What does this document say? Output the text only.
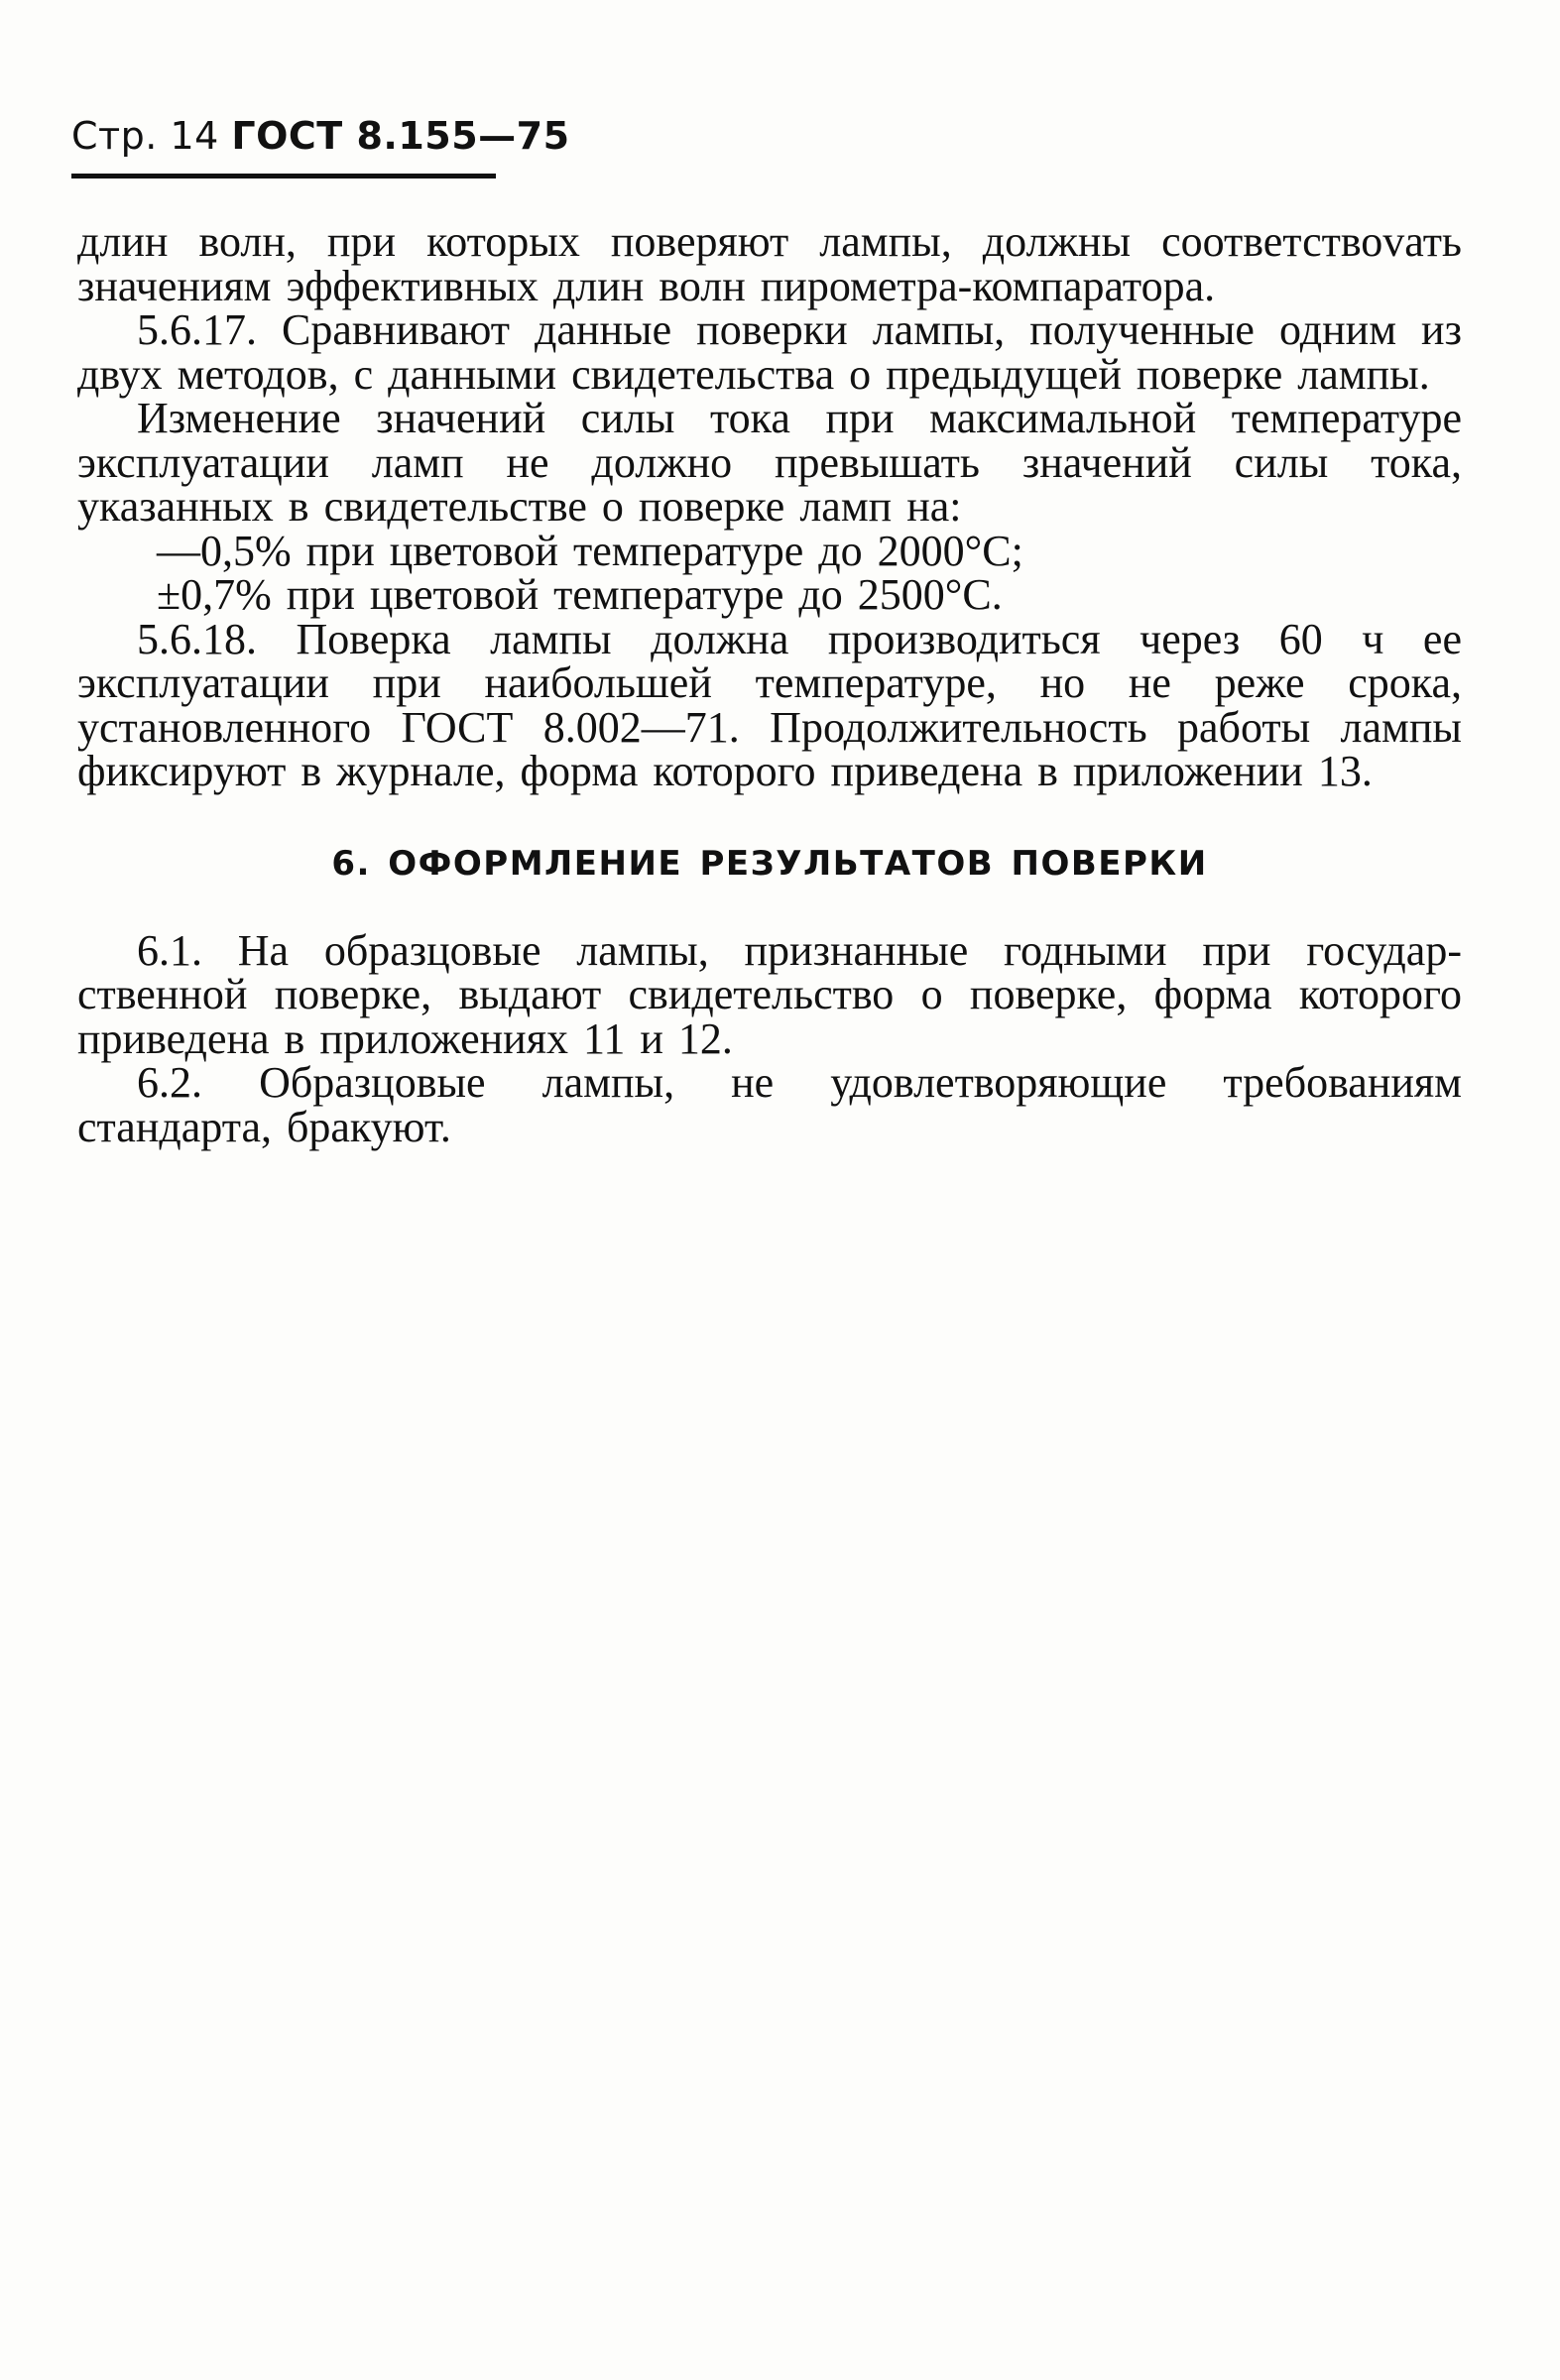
Стр. 14 ГОСТ 8.155—75

длин волн, при которых поверяют лампы, должны соответствоvать значениям эффективных длин волн пирометра-компаратора.

5.6.17. Сравнивают данные поверки лампы, полученные одним из двух методов, с данными свидетельства о предыдущей поверке лампы.

Изменение значений силы тока при максимальной температуре эксплуатации ламп не должно превышать значений силы тока, указанных в свидетельстве о поверке ламп на:

—0,5% при цветовой температуре до 2000°С;

±0,7% при цветовой температуре до 2500°С.

5.6.18. Поверка лампы должна производиться через 60 ч ее эксплуатации при наибольшей температуре, но не реже срока, установленного ГОСТ 8.002—71. Продолжительность работы лампы фиксируют в журнале, форма которого приведена в приложении 13.

6. ОФОРМЛЕНИЕ РЕЗУЛЬТАТОВ ПОВЕРКИ

6.1. На образцовые лампы, признанные годными при государственной поверке, выдают свидетельство о поверке, форма которого приведена в приложениях 11 и 12.

6.2. Образцовые лампы, не удовлетворяющие требованиям стандарта, бракуют.
